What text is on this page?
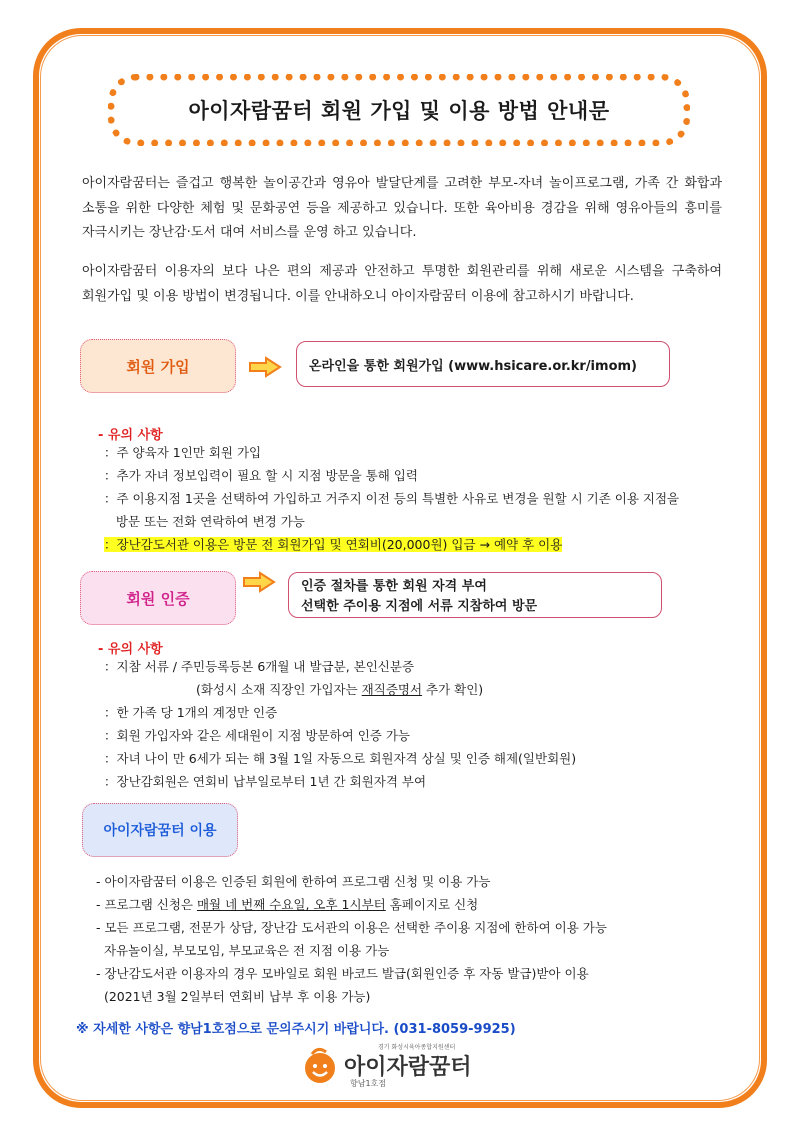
아이자람꿈터 회원 가입 및 이용 방법 안내문
아이자람꿈터는 즐겁고 행복한 놀이공간과 영유아 발달단계를 고려한 부모-자녀 놀이프로그램, 가족 간 화합과 소통을 위한 다양한 체험 및 문화공연 등을 제공하고 있습니다. 또한 육아비용 경감을 위해 영유아들의 흥미를 자극시키는 장난감·도서 대여 서비스를 운영 하고 있습니다.
아이자람꿈터 이용자의 보다 나은 편의 제공과 안전하고 투명한 회원관리를 위해 새로운 시스템을 구축하여 회원가입 및 이용 방법이 변경됩니다. 이를 안내하오니 아이자람꿈터 이용에 참고하시기 바랍니다.
회원 가입	온라인을 통한 회원가입 (www.hsicare.or.kr/imom)
- 유의 사항
：주 양육자 1인만 회원 가입
：추가 자녀 정보입력이 필요 할 시 지점 방문을 통해 입력
：주 이용지점 1곳을 선택하여 가입하고 거주지 이전 등의 특별한 사유로 변경을 원할 시 기존 이용 지점을
방문 또는 전화 연락하여 변경 가능
：장난감도서관 이용은 방문 전 회원가입 및 연회비(20,000원) 입금 → 예약 후 이용
회원 인증
인증 절차를 통한 회원 자격 부여
선택한 주이용 지점에 서류 지참하여 방문
- 유의 사항
：지참 서류 / 주민등록등본 6개월 내 발급분, 본인신분증
(화성시 소재 직장인 가입자는 재직증명서 추가 확인)
：한 가족 당 1개의 계정만 인증
：회원 가입자와 같은 세대원이 지점 방문하여 인증 가능
：자녀 나이 만 6세가 되는 해 3월 1일 자동으로 회원자격 상실 및 인증 해제(일반회원)
：장난감회원은 연회비 납부일로부터 1년 간 회원자격 부여
아이자람꿈터 이용
- 아이자람꿈터 이용은 인증된 회원에 한하여 프로그램 신청 및 이용 가능
- 프로그램 신청은 매월 네 번째 수요일, 오후 1시부터 홈페이지로 신청
- 모든 프로그램, 전문가 상담, 장난감 도서관의 이용은 선택한 주이용 지점에 한하여 이용 가능
자유놀이실, 부모모임, 부모교육은 전 지점 이용 가능
- 장난감도서관 이용자의 경우 모바일로 회원 바코드 발급(회원인증 후 자동 발급)받아 이용
(2021년 3월 2일부터 연회비 납부 후 이용 가능)
※ 자세한 사항은 향남1호점으로 문의주시기 바랍니다. (031-8059-9925)
경기 화성시육아종합지원센터
아이자람꿈터
향남1호점
